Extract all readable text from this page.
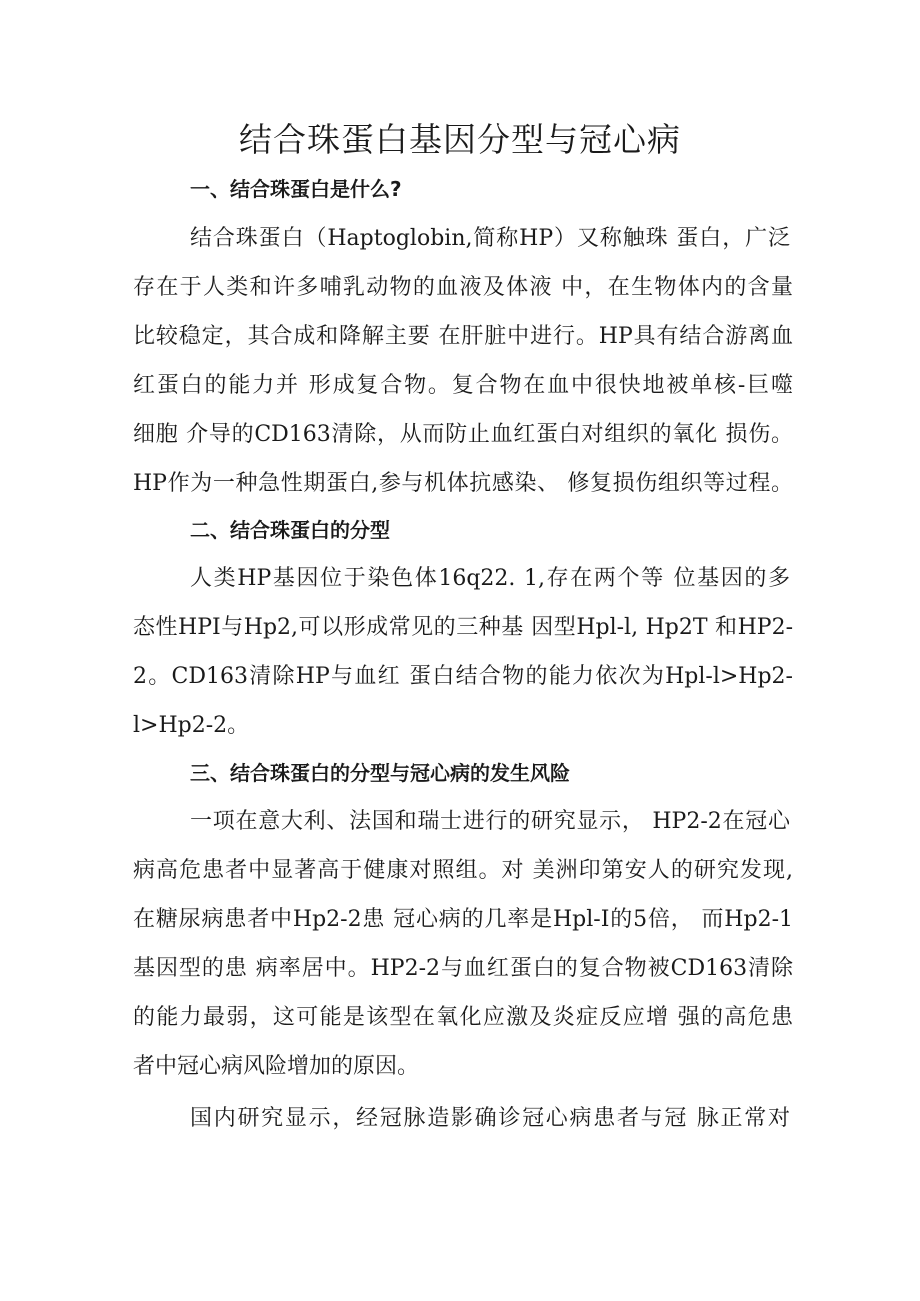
结合珠蛋白基因分型与冠心病
一、结合珠蛋白是什么?
结合珠蛋白（Haptoglobin,简称HP）又称触珠 蛋白，广泛
存在于人类和许多哺乳动物的血液及体液 中，在生物体内的含量
比较稳定，其合成和降解主要 在肝脏中进行。HP具有结合游离血
红蛋白的能力并 形成复合物。复合物在血中很快地被单核-巨噬
细胞 介导的CD163清除，从而防止血红蛋白对组织的氧化 损伤。
HP作为一种急性期蛋白,参与机体抗感染、 修复损伤组织等过程。
二、结合珠蛋白的分型
人类HP基因位于染色体16q22. 1,存在两个等 位基因的多
态性HPI与Hp2,可以形成常见的三种基 因型Hpl-l, Hp2T 和HP2-
2。CD163清除HP与血红 蛋白结合物的能力依次为Hpl-l>Hp2-
l>Hp2-2。
三、结合珠蛋白的分型与冠心病的发生风险
一项在意大利、法国和瑞士进行的研究显示， HP2-2在冠心
病高危患者中显著高于健康对照组。对 美洲印第安人的研究发现,
在糖尿病患者中Hp2-2患 冠心病的几率是Hpl-I的5倍， 而Hp2-1
基因型的患 病率居中。HP2-2与血红蛋白的复合物被CD163清除
的能力最弱，这可能是该型在氧化应激及炎症反应增 强的高危患
者中冠心病风险增加的原因。
国内研究显示，经冠脉造影确诊冠心病患者与冠 脉正常对
